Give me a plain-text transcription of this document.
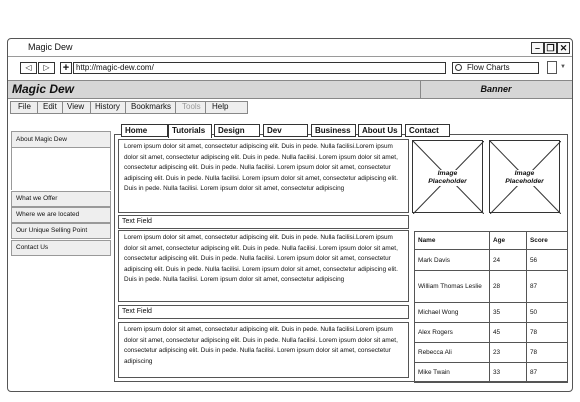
Magic Dew	– ❐ ✕
◁	▷	+ http://magic-dew.com/	Flow Charts	▼
Magic Dew	Banner
File Edit View History Bookmarks Tools Help
Home	Tutorials	Design	Dev	Business	About Us	Contact
About Magic Dew
What we Offer
Where we are located
Our Unique Selling Point
Contact Us
Lorem ipsum dolor sit amet, consectetur adipiscing elit. Duis in pede. Nulla facilisi.Lorem ipsum dolor sit amet, consectetur adipiscing elit. Duis in pede. Nulla facilisi. Lorem ipsum dolor sit amet, consectetur adipiscing elit. Duis in pede. Nulla facilisi. Lorem ipsum dolor sit amet, consectetur adipiscing elit. Duis in pede. Nulla facilisi. Lorem ipsum dolor sit amet, consectetur adipiscing elit. Duis in pede. Nulla facilisi. Lorem ipsum dolor sit amet, consectetur adipiscing
Text Field
Lorem ipsum dolor sit amet, consectetur adipiscing elit. Duis in pede. Nulla facilisi.Lorem ipsum dolor sit amet, consectetur adipiscing elit. Duis in pede. Nulla facilisi. Lorem ipsum dolor sit amet, consectetur adipiscing elit. Duis in pede. Nulla facilisi. Lorem ipsum dolor sit amet, consectetur adipiscing elit. Duis in pede. Nulla facilisi. Lorem ipsum dolor sit amet, consectetur adipiscing elit. Duis in pede. Nulla facilisi. Lorem ipsum dolor sit amet, consectetur adipiscing
Text Field
Lorem ipsum dolor sit amet, consectetur adipiscing elit. Duis in pede. Nulla facilisi.Lorem ipsum dolor sit amet, consectetur adipiscing elit. Duis in pede. Nulla facilisi. Lorem ipsum dolor sit amet, consectetur adipiscing elit. Duis in pede. Nulla facilisi. Lorem ipsum dolor sit amet, consectetur adipiscing
Image
Placeholder
Image
Placeholder
Name	Age	Score
Mark Davis	24	56
William Thomas Leslie	28	87
Michael Wong	35	50
Alex Rogers	45	78
Rebecca Ali	23	78
Mike Twain	33	87
